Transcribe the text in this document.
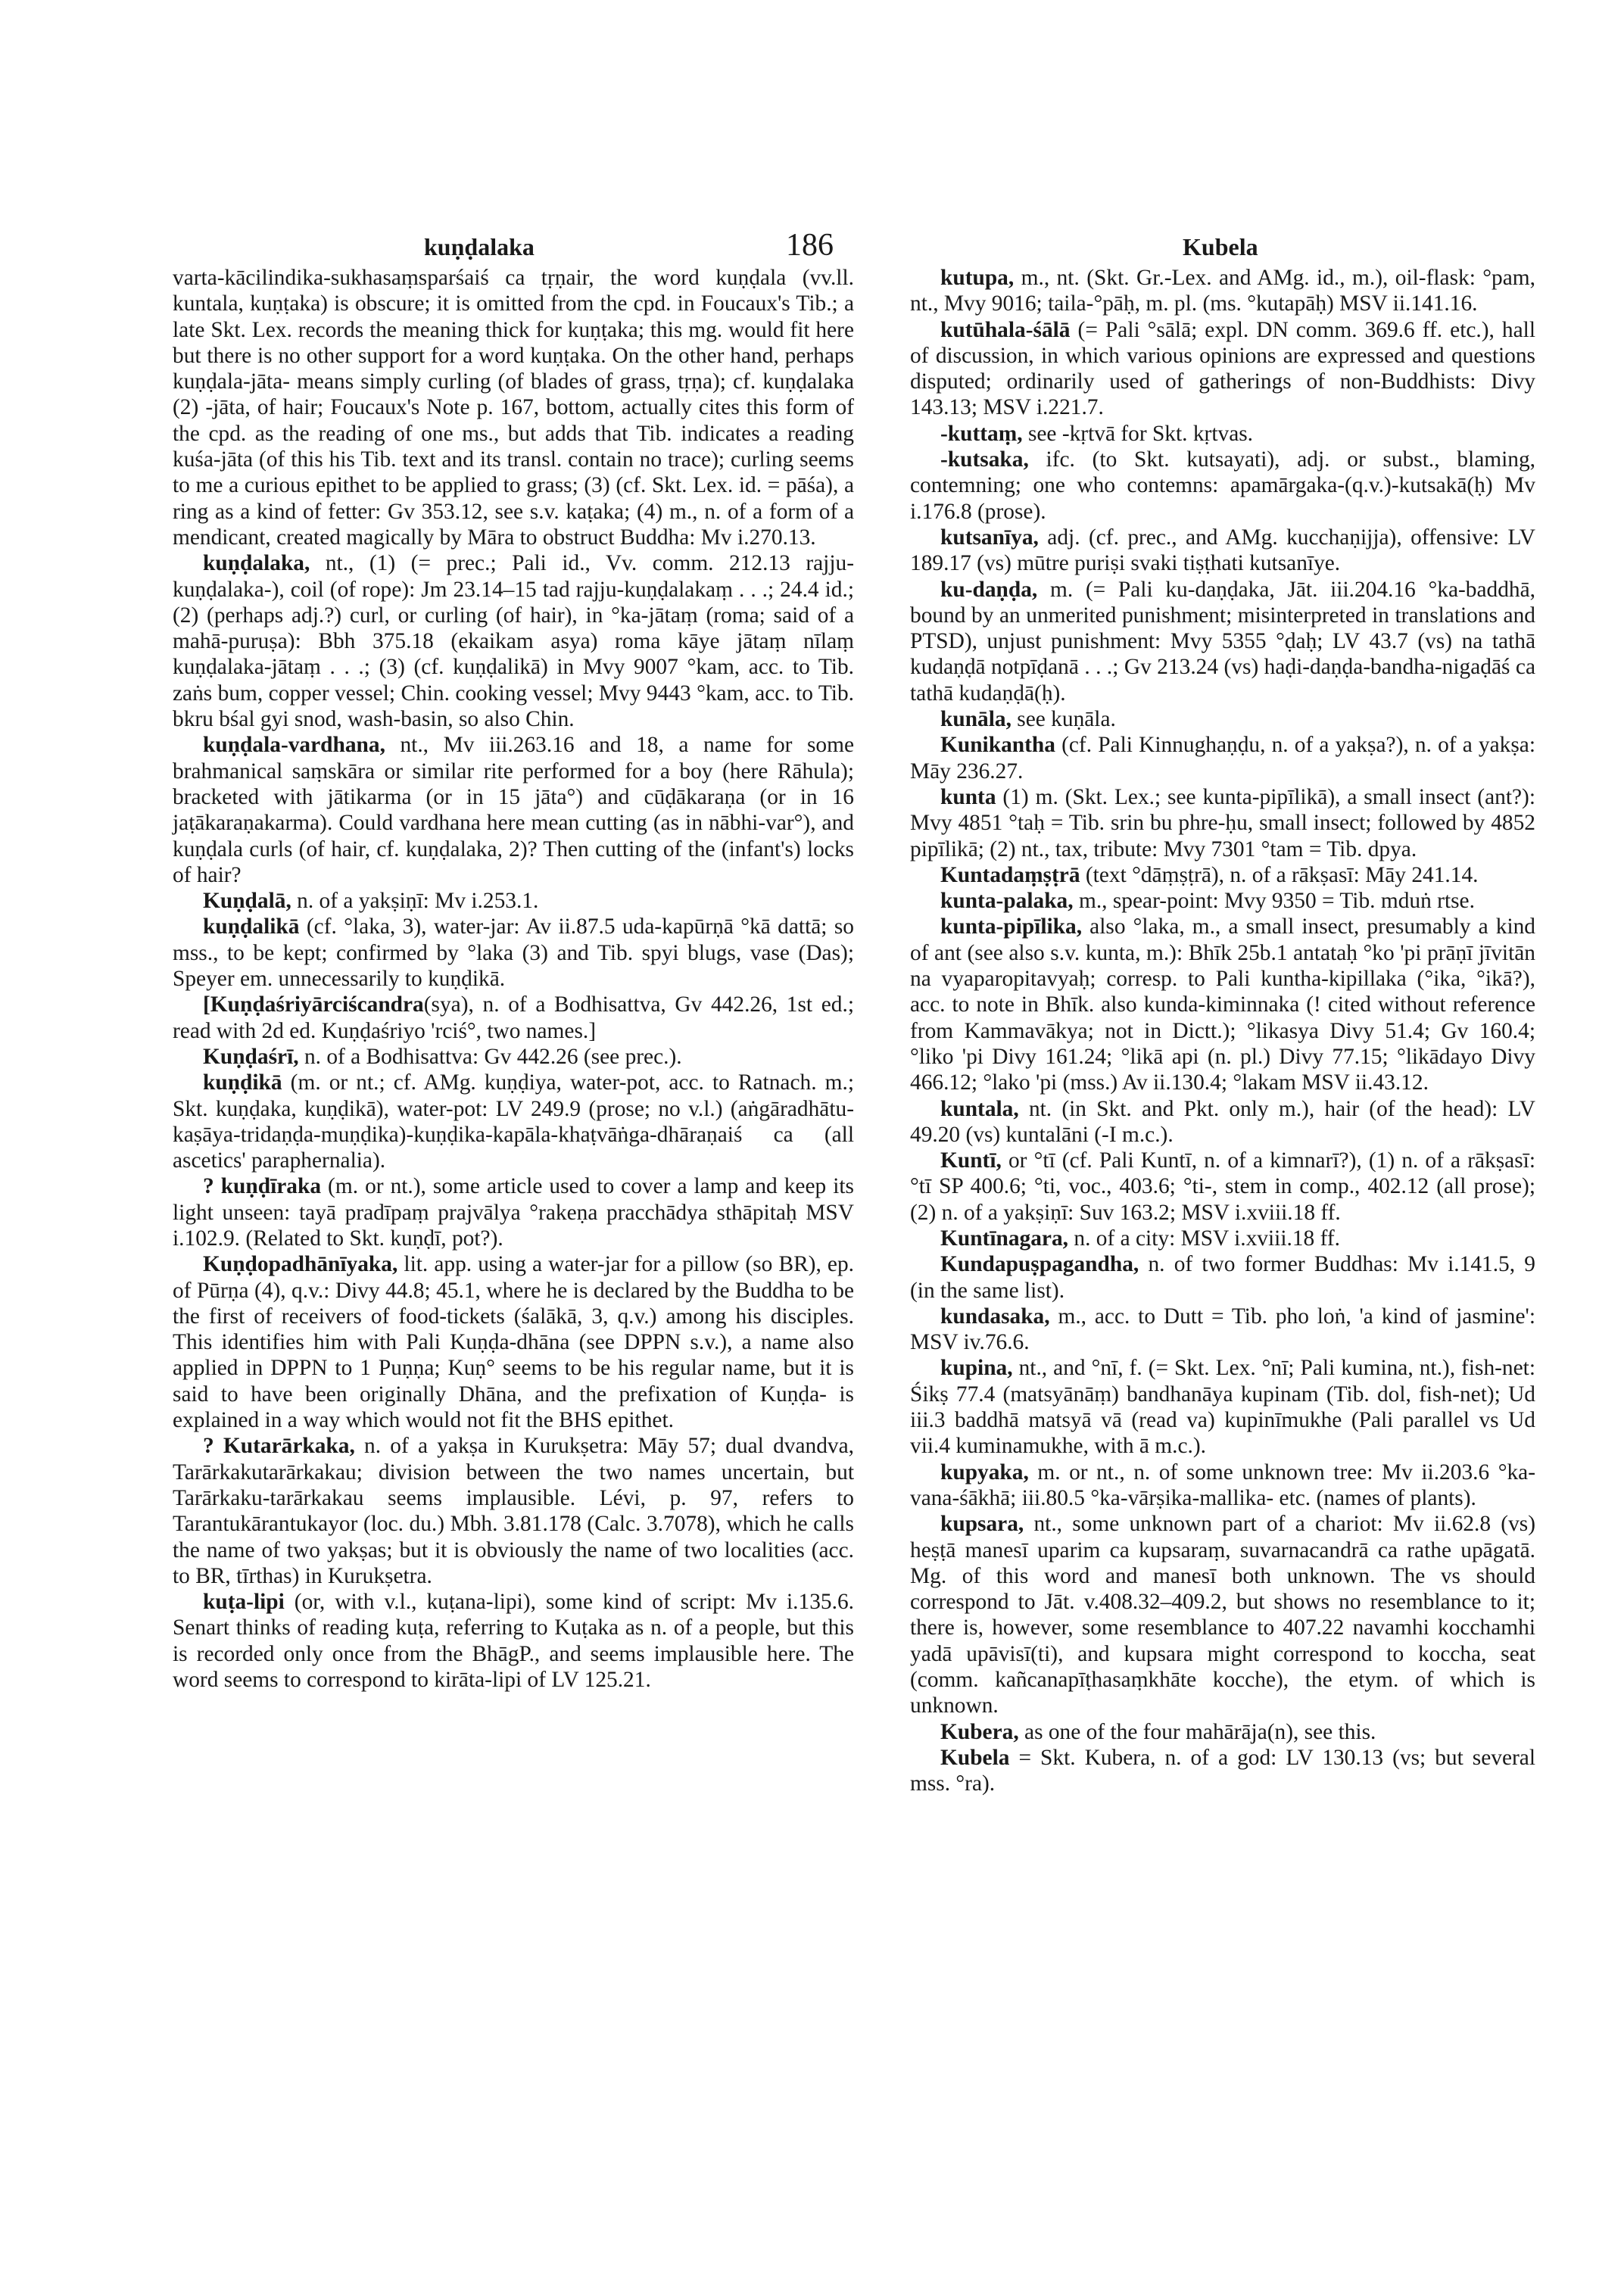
kuṇḍalaka	186	Kubela

varta-kācilindika-sukhasaṃsparśaiś ca tṛṇair, the word kuṇḍala (vv.ll. kuntala, kuṇṭaka) is obscure; it is omitted from the cpd. in Foucaux's Tib.; a late Skt. Lex. records the meaning thick for kuṇṭaka; this mg. would fit here but there is no other support for a word kuṇṭaka. On the other hand, perhaps kuṇḍala-jāta- means simply curling (of blades of grass, tṛṇa); cf. kuṇḍalaka (2) -jāta, of hair; Foucaux's Note p. 167, bottom, actually cites this form of the cpd. as the reading of one ms., but adds that Tib. indicates a reading kuśa-jāta (of this his Tib. text and its transl. contain no trace); curling seems to me a curious epithet to be applied to grass; (3) (cf. Skt. Lex. id. = pāśa), a ring as a kind of fetter: Gv 353.12, see s.v. kaṭaka; (4) m., n. of a form of a mendicant, created magically by Māra to obstruct Buddha: Mv i.270.13.

kuṇḍalaka, nt., (1) (= prec.; Pali id., Vv. comm. 212.13 rajju-kuṇḍalaka-), coil (of rope): Jm 23.14–15 tad rajju-kuṇḍalakaṃ . . .; 24.4 id.; (2) (perhaps adj.?) curl, or curling (of hair), in °ka-jātaṃ (roma; said of a mahā-puruṣa): Bbh 375.18 (ekaikam asya) roma kāye jātaṃ nīlaṃ kuṇḍalaka-jātaṃ . . .; (3) (cf. kuṇḍalikā) in Mvy 9007 °kam, acc. to Tib. zaṅs bum, copper vessel; Chin. cooking vessel; Mvy 9443 °kam, acc. to Tib. bkru bśal gyi snod, wash-basin, so also Chin.

kuṇḍala-vardhana, nt., Mv iii.263.16 and 18, a name for some brahmanical saṃskāra or similar rite performed for a boy (here Rāhula); bracketed with jātikarma (or in 15 jāta°) and cūḍākaraṇa (or in 16 jaṭākaraṇakarma). Could vardhana here mean cutting (as in nābhi-var°), and kuṇḍala curls (of hair, cf. kuṇḍalaka, 2)? Then cutting of the (infant's) locks of hair?

Kuṇḍalā, n. of a yakṣiṇī: Mv i.253.1.

kuṇḍalikā (cf. °laka, 3), water-jar: Av ii.87.5 uda-kapūrṇā °kā dattā; so mss., to be kept; confirmed by °laka (3) and Tib. spyi blugs, vase (Das); Speyer em. unnecessarily to kuṇḍikā.

[Kuṇḍaśriyārciścandra(sya), n. of a Bodhisattva, Gv 442.26, 1st ed.; read with 2d ed. Kuṇḍaśriyo 'rciś°, two names.]

Kuṇḍaśrī, n. of a Bodhisattva: Gv 442.26 (see prec.).

kuṇḍikā (m. or nt.; cf. AMg. kuṇḍiya, water-pot, acc. to Ratnach. m.; Skt. kuṇḍaka, kuṇḍikā), water-pot: LV 249.9 (prose; no v.l.) (aṅgāradhātu-kaṣāya-tridaṇḍa-muṇḍika)-kuṇḍika-kapāla-khaṭvāṅga-dhāraṇaiś ca (all ascetics' paraphernalia).

? kuṇḍīraka (m. or nt.), some article used to cover a lamp and keep its light unseen: tayā pradīpaṃ prajvālya °rakeṇa pracchādya sthāpitaḥ MSV i.102.9. (Related to Skt. kuṇḍī, pot?).

Kuṇḍopadhānīyaka, lit. app. using a water-jar for a pillow (so BR), ep. of Pūrṇa (4), q.v.: Divy 44.8; 45.1, where he is declared by the Buddha to be the first of receivers of food-tickets (śalākā, 3, q.v.) among his disciples. This identifies him with Pali Kuṇḍa-dhāna (see DPPN s.v.), a name also applied in DPPN to 1 Puṇṇa; Kuṇ° seems to be his regular name, but it is said to have been originally Dhāna, and the prefixation of Kuṇḍa- is explained in a way which would not fit the BHS epithet.

? Kutarārkaka, n. of a yakṣa in Kurukṣetra: Māy 57; dual dvandva, Tarārkakutarārkakau; division between the two names uncertain, but Tarārkaku-tarārkakau seems implausible. Lévi, p. 97, refers to Tarantukārantukayor (loc. du.) Mbh. 3.81.178 (Calc. 3.7078), which he calls the name of two yakṣas; but it is obviously the name of two localities (acc. to BR, tīrthas) in Kurukṣetra.

kuṭa-lipi (or, with v.l., kuṭana-lipi), some kind of script: Mv i.135.6. Senart thinks of reading kuṭa, referring to Kuṭaka as n. of a people, but this is recorded only once from the BhāgP., and seems implausible here. The word seems to correspond to kirāta-lipi of LV 125.21.

kutupa, m., nt. (Skt. Gr.-Lex. and AMg. id., m.), oil-flask: °pam, nt., Mvy 9016; taila-°pāḥ, m. pl. (ms. °kutapāḥ) MSV ii.141.16.

kutūhala-śālā (= Pali °sālā; expl. DN comm. 369.6 ff. etc.), hall of discussion, in which various opinions are expressed and questions disputed; ordinarily used of gatherings of non-Buddhists: Divy 143.13; MSV i.221.7.

-kuttaṃ, see -kṛtvā for Skt. kṛtvas.

-kutsaka, ifc. (to Skt. kutsayati), adj. or subst., blaming, contemning; one who contemns: apamārgaka-(q.v.)-kutsakā(ḥ) Mv i.176.8 (prose).

kutsanīya, adj. (cf. prec., and AMg. kucchaṇijja), offensive: LV 189.17 (vs) mūtre puriṣi svaki tiṣṭhati kutsanīye.

ku-daṇḍa, m. (= Pali ku-daṇḍaka, Jāt. iii.204.16 °ka-baddhā, bound by an unmerited punishment; misinterpreted in translations and PTSD), unjust punishment: Mvy 5355 °ḍaḥ; LV 43.7 (vs) na tathā kudaṇḍā notpīḍanā . . .; Gv 213.24 (vs) haḍi-daṇḍa-bandha-nigaḍāś ca tathā kudaṇḍā(ḥ).

kunāla, see kuṇāla.

Kunikantha (cf. Pali Kinnughaṇḍu, n. of a yakṣa?), n. of a yakṣa: Māy 236.27.

kunta (1) m. (Skt. Lex.; see kunta-pipīlikā), a small insect (ant?): Mvy 4851 °taḥ = Tib. srin bu phre-ḥu, small insect; followed by 4852 pipīlikā; (2) nt., tax, tribute: Mvy 7301 °tam = Tib. dpya.

Kuntadaṃṣṭrā (text °dāṃṣṭrā), n. of a rākṣasī: Māy 241.14.

kunta-palaka, m., spear-point: Mvy 9350 = Tib. mduṅ rtse.

kunta-pipīlika, also °laka, m., a small insect, presumably a kind of ant (see also s.v. kunta, m.): Bhīk 25b.1 antataḥ °ko 'pi prāṇī jīvitān na vyaparopitavyaḥ; corresp. to Pali kuntha-kipillaka (°ika, °ikā?), acc. to note in Bhīk. also kunda-kiminnaka (! cited without reference from Kammavākya; not in Dictt.); °likasya Divy 51.4; Gv 160.4; °liko 'pi Divy 161.24; °likā api (n. pl.) Divy 77.15; °likādayo Divy 466.12; °lako 'pi (mss.) Av ii.130.4; °lakam MSV ii.43.12.

kuntala, nt. (in Skt. and Pkt. only m.), hair (of the head): LV 49.20 (vs) kuntalāni (-I m.c.).

Kuntī, or °tī (cf. Pali Kuntī, n. of a kimnarī?), (1) n. of a rākṣasī: °tī SP 400.6; °ti, voc., 403.6; °ti-, stem in comp., 402.12 (all prose); (2) n. of a yakṣiṇī: Suv 163.2; MSV i.xviii.18 ff.

Kuntīnagara, n. of a city: MSV i.xviii.18 ff.

Kundapuṣpagandha, n. of two former Buddhas: Mv i.141.5, 9 (in the same list).

kundasaka, m., acc. to Dutt = Tib. pho loṅ, 'a kind of jasmine': MSV iv.76.6.

kupina, nt., and °nī, f. (= Skt. Lex. °nī; Pali kumina, nt.), fish-net: Śikṣ 77.4 (matsyānāṃ) bandhanāya kupinam (Tib. dol, fish-net); Ud iii.3 baddhā matsyā vā (read va) kupinīmukhe (Pali parallel vs Ud vii.4 kuminamukhe, with ā m.c.).

kupyaka, m. or nt., n. of some unknown tree: Mv ii.203.6 °ka-vana-śākhā; iii.80.5 °ka-vārṣika-mallika- etc. (names of plants).

kupsara, nt., some unknown part of a chariot: Mv ii.62.8 (vs) heṣṭā manesī uparim ca kupsaraṃ, suvarnacandrā ca rathe upāgatā. Mg. of this word and manesī both unknown. The vs should correspond to Jāt. v.408.32–409.2, but shows no resemblance to it; there is, however, some resemblance to 407.22 navamhi kocchamhi yadā upāvisī(ti), and kupsara might correspond to koccha, seat (comm. kañcanapīṭhasaṃkhāte kocche), the etym. of which is unknown.

Kubera, as one of the four mahārāja(n), see this.

Kubela = Skt. Kubera, n. of a god: LV 130.13 (vs; but several mss. °ra).
